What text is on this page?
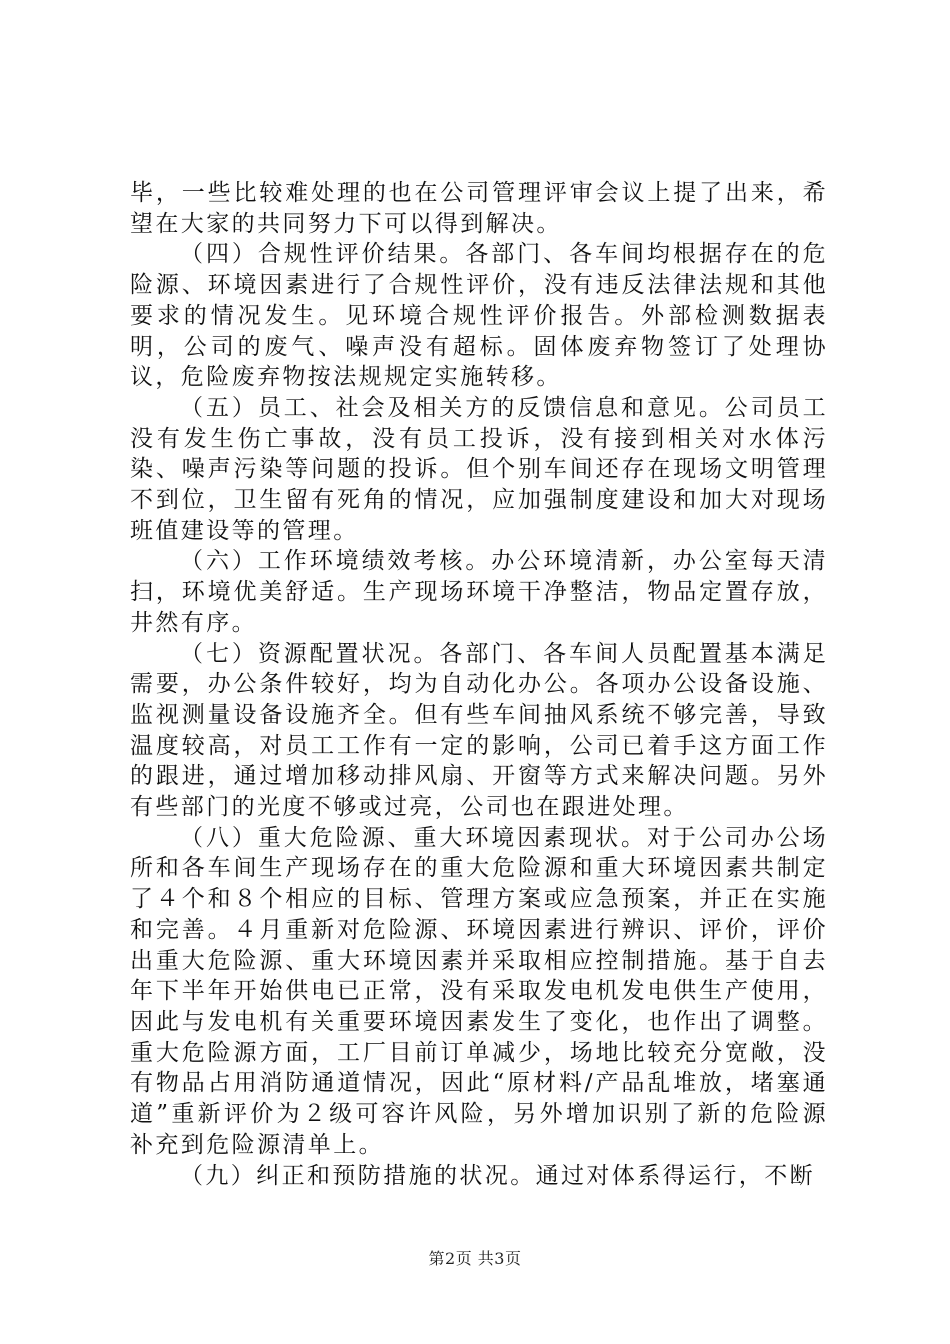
毕，一些比较难处理的也在公司管理评审会议上提了出来，希望在大家的共同努力下可以得到解决。

（四）合规性评价结果。各部门、各车间均根据存在的危险源、环境因素进行了合规性评价，没有违反法律法规和其他要求的情况发生。见环境合规性评价报告。外部检测数据表明，公司的废气、噪声没有超标。固体废弃物签订了处理协议，危险废弃物按法规规定实施转移。

（五）员工、社会及相关方的反馈信息和意见。公司员工没有发生伤亡事故，没有员工投诉，没有接到相关对水体污染、噪声污染等问题的投诉。但个别车间还存在现场文明管理不到位，卫生留有死角的情况，应加强制度建设和加大对现场班值建设等的管理。

（六）工作环境绩效考核。办公环境清新，办公室每天清扫，环境优美舒适。生产现场环境干净整洁，物品定置存放，井然有序。

（七）资源配置状况。各部门、各车间人员配置基本满足需要，办公条件较好，均为自动化办公。各项办公设备设施、监视测量设备设施齐全。但有些车间抽风系统不够完善，导致温度较高，对员工工作有一定的影响，公司已着手这方面工作的跟进，通过增加移动排风扇、开窗等方式来解决问题。另外有些部门的光度不够或过亮，公司也在跟进处理。

（八）重大危险源、重大环境因素现状。对于公司办公场所和各车间生产现场存在的重大危险源和重大环境因素共制定了４个和８个相应的目标、管理方案或应急预案，并正在实施和完善。４月重新对危险源、环境因素进行辨识、评价，评价出重大危险源、重大环境因素并采取相应控制措施。基于自去年下半年开始供电已正常，没有采取发电机发电供生产使用，因此与发电机有关重要环境因素发生了变化，也作出了调整。重大危险源方面，工厂目前订单减少，场地比较充分宽敞，没有物品占用消防通道情况，因此“原材料/产品乱堆放，堵塞通道”重新评价为２级可容许风险，另外增加识别了新的危险源补充到危险源清单上。

（九）纠正和预防措施的状况。通过对体系得运行，不断

第2页 共3页
